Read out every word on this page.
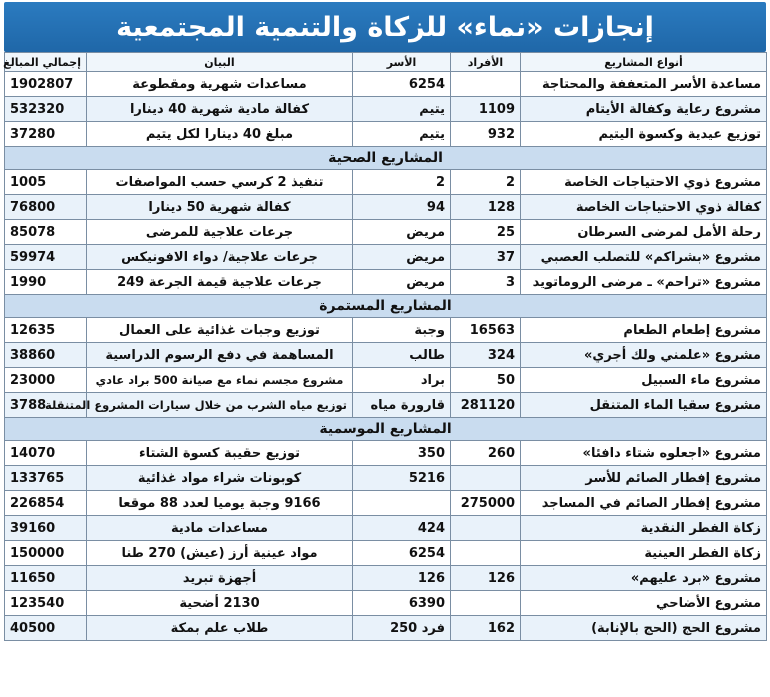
إنجازات «نماء» للزكاة والتنمية المجتمعية
أنواع المشاريع	الأفراد	الأسر	البيان	إجمالي المبالغ
مساعدة الأسر المتعففة والمحتاجة		6254	مساعدات شهرية ومقطوعة	1902807
مشروع رعاية وكفالة الأيتام	1109	يتيم	كفالة مادية شهرية 40 دينارا	532320
توزيع عيدية وكسوة اليتيم	932	يتيم	مبلغ 40 دينارا لكل يتيم	37280
المشاريع الصحية				
مشروع ذوي الاحتياجات الخاصة	2	2	تنفيذ 2 كرسي حسب المواصفات	1005
كفالة ذوي الاحتياجات الخاصة	128	94	كفالة شهرية 50 دينارا	76800
رحلة الأمل لمرضى السرطان	25	مريض	جرعات علاجية للمرضى	85078
مشروع «بشراكم» للتصلب العصبي	37	مريض	جرعات علاجية/ دواء الافونيكس	59974
مشروع «تراحم» ـ مرضى الروماتويد	3	مريض	جرعات علاجية قيمة الجرعة 249	1990
المشاريع المستمرة				
مشروع إطعام الطعام	16563	وجبة	توزيع وجبات غذائية على العمال	12635
مشروع «علمني ولك أجري»	324	طالب	المساهمة في دفع الرسوم الدراسية	38860
مشروع ماء السبيل	50	براد	مشروع مجسم نماء مع صيانة 500 براد عادي	23000
مشروع سقيا الماء المتنقل	281120	قارورة مياه	توزيع مياه الشرب من خلال سيارات المشروع المتنقلة	3788
المشاريع الموسمية				
مشروع «اجعلوه شتاء دافئا»	260	350	توزيع حقيبة كسوة الشتاء	14070
مشروع إفطار الصائم للأسر		5216	كوبونات شراء مواد غذائية	133765
مشروع إفطار الصائم في المساجد	275000		9166 وجبة يوميا لعدد 88 موقعا	226854
زكاة الفطر النقدية		424	مساعدات مادية	39160
زكاة الفطر العينية		6254	مواد عينية أرز (عيش) 270 طنا	150000
مشروع «برد عليهم»	126	126	أجهزة تبريد	11650
مشروع الأضاحي		6390	2130 أضحية	123540
مشروع الحج (الحج بالإنابة)	162	فرد 250	طلاب علم بمكة	40500
